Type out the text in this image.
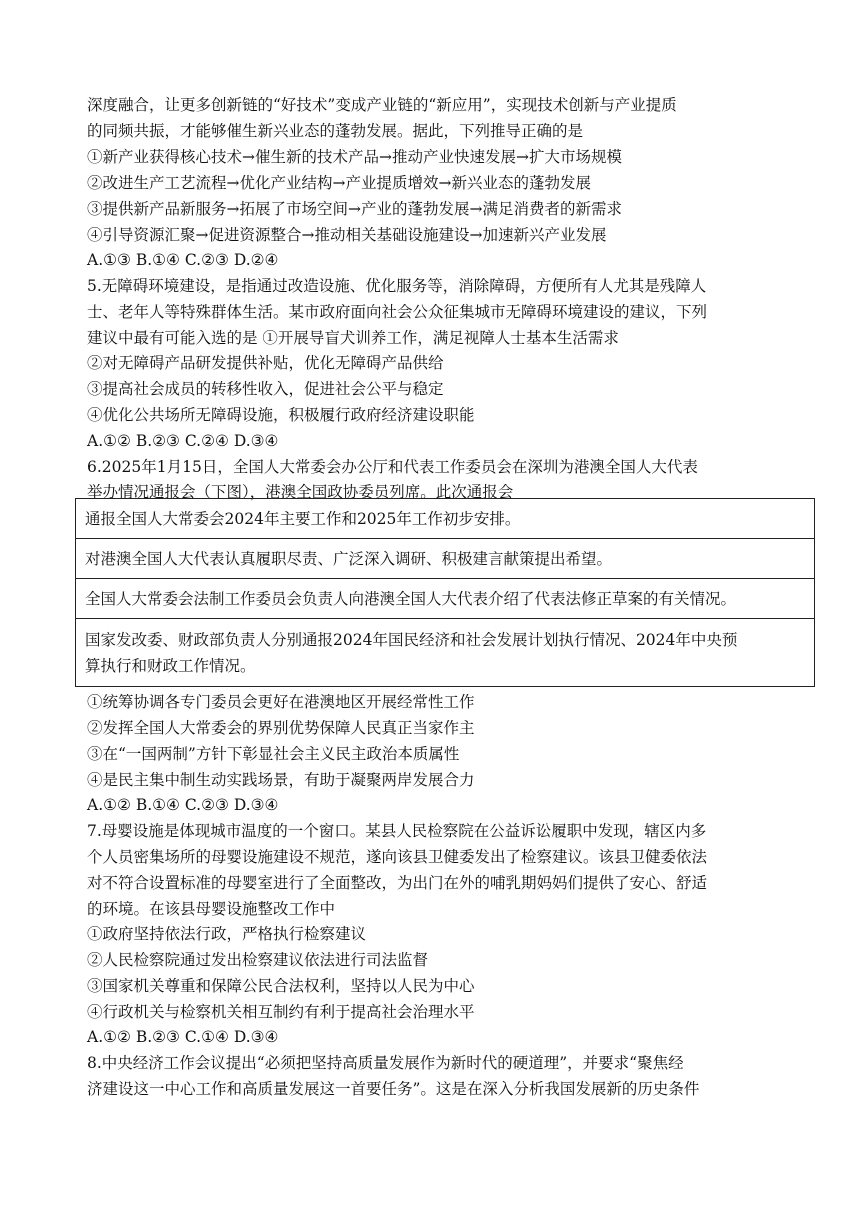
深度融合，让更多创新链的“好技术”变成产业链的“新应用”，实现技术创新与产业提质
的同频共振，才能够催生新兴业态的蓬勃发展。据此，下列推导正确的是
①新产业获得核心技术→催生新的技术产品→推动产业快速发展→扩大市场规模
②改进生产工艺流程→优化产业结构→产业提质增效→新兴业态的蓬勃发展
③提供新产品新服务→拓展了市场空间→产业的蓬勃发展→满足消费者的新需求
④引导资源汇聚→促进资源整合→推动相关基础设施建设→加速新兴产业发展
A.①③ B.①④ C.②③ D.②④
5.无障碍环境建设，是指通过改造设施、优化服务等，消除障碍，方便所有人尤其是残障人
士、老年人等特殊群体生活。某市政府面向社会公众征集城市无障碍环境建设的建议，下列
建议中最有可能入选的是 ①开展导盲犬训养工作，满足视障人士基本生活需求
②对无障碍产品研发提供补贴，优化无障碍产品供给
③提高社会成员的转移性收入，促进社会公平与稳定
④优化公共场所无障碍设施，积极履行政府经济建设职能
A.①② B.②③ C.②④ D.③④
6.2025年1月15日，全国人大常委会办公厅和代表工作委员会在深圳为港澳全国人大代表
举办情况通报会（下图），港澳全国政协委员列席。此次通报会
通报全国人大常委会2024年主要工作和2025年工作初步安排。
对港澳全国人大代表认真履职尽责、广泛深入调研、积极建言献策提出希望。
全国人大常委会法制工作委员会负责人向港澳全国人大代表介绍了代表法修正草案的有关情况。
国家发改委、财政部负责人分别通报2024年国民经济和社会发展计划执行情况、2024年中央预
算执行和财政工作情况。
①统筹协调各专门委员会更好在港澳地区开展经常性工作
②发挥全国人大常委会的界别优势保障人民真正当家作主
③在“一国两制”方针下彰显社会主义民主政治本质属性
④是民主集中制生动实践场景，有助于凝聚两岸发展合力
A.①② B.①④ C.②③ D.③④
7.母婴设施是体现城市温度的一个窗口。某县人民检察院在公益诉讼履职中发现，辖区内多
个人员密集场所的母婴设施建设不规范，遂向该县卫健委发出了检察建议。该县卫健委依法
对不符合设置标准的母婴室进行了全面整改，为出门在外的哺乳期妈妈们提供了安心、舒适
的环境。在该县母婴设施整改工作中
①政府坚持依法行政，严格执行检察建议
②人民检察院通过发出检察建议依法进行司法监督
③国家机关尊重和保障公民合法权利，坚持以人民为中心
④行政机关与检察机关相互制约有利于提高社会治理水平
A.①② B.②③ C.①④ D.③④
8.中央经济工作会议提出“必须把坚持高质量发展作为新时代的硬道理”，并要求“聚焦经
济建设这一中心工作和高质量发展这一首要任务”。这是在深入分析我国发展新的历史条件
